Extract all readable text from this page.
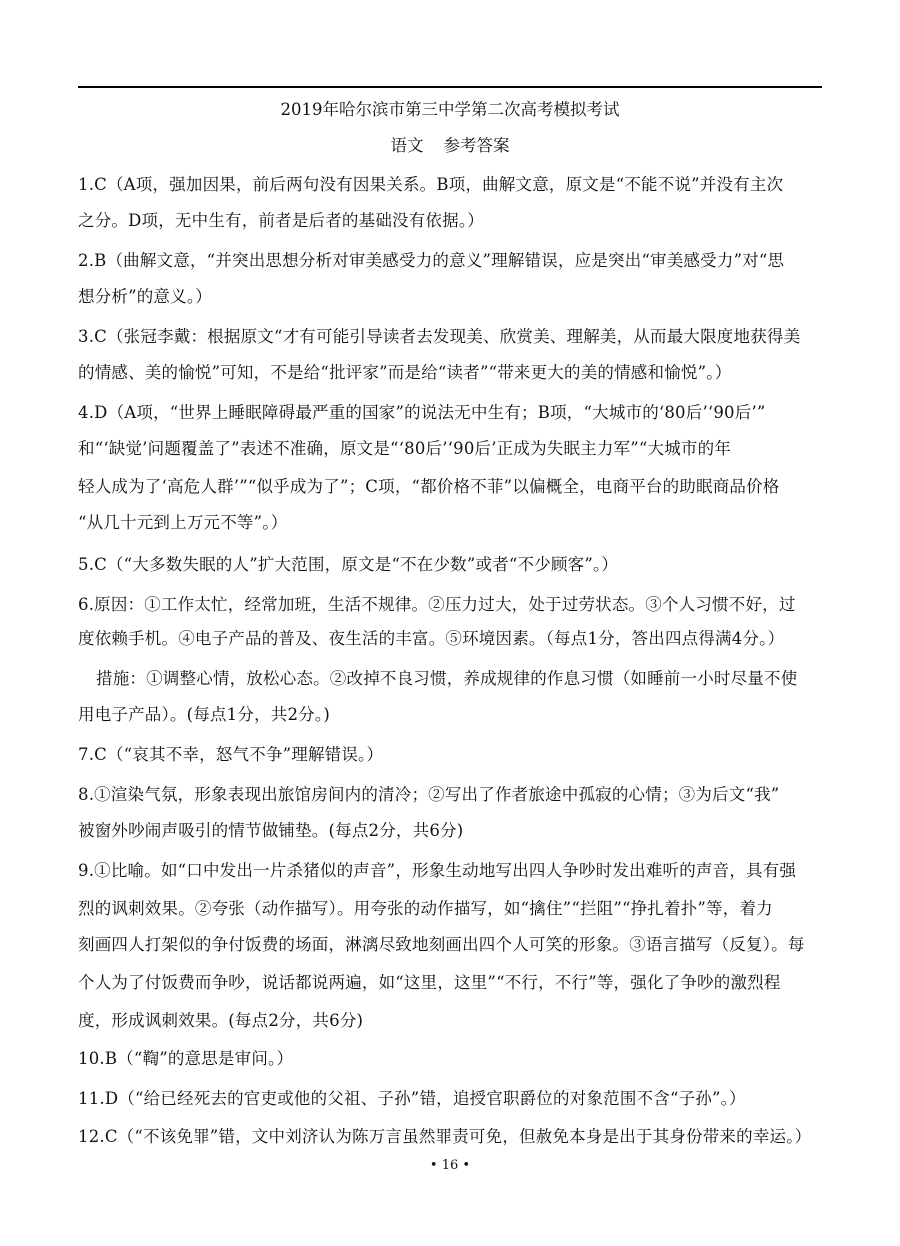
2019年哈尔滨市第三中学第二次高考模拟考试
语文 参考答案
1.C（A项，强加因果，前后两句没有因果关系。B项，曲解文意，原文是“不能不说”并没有主次
之分。D项，无中生有，前者是后者的基础没有依据。）
2.B（曲解文意，“并突出思想分析对审美感受力的意义”理解错误，应是突出“审美感受力”对“思
想分析”的意义。）
3.C（张冠李戴：根据原文“才有可能引导读者去发现美、欣赏美、理解美，从而最大限度地获得美
的情感、美的愉悦”可知，不是给“批评家”而是给“读者”“带来更大的美的情感和愉悦”。）
4.D（A项，“世界上睡眠障碍最严重的国家”的说法无中生有；B项，“大城市的‘80后’‘90后’”
和“‘缺觉’问题覆盖了”表述不准确，原文是“‘80后’‘90后’正成为失眠主力军”“大城市的年
轻人成为了‘高危人群’”“似乎成为了”；C项，“都价格不菲”以偏概全，电商平台的助眠商品价格
“从几十元到上万元不等”。）
5.C（“大多数失眠的人”扩大范围，原文是“不在少数”或者“不少顾客”。）
6.原因：①工作太忙，经常加班，生活不规律。②压力过大，处于过劳状态。③个人习惯不好，过
度依赖手机。④电子产品的普及、夜生活的丰富。⑤环境因素。（每点1分，答出四点得满4分。）
措施：①调整心情，放松心态。②改掉不良习惯，养成规律的作息习惯（如睡前一小时尽量不使
用电子产品）。(每点1分，共2分。)
7.C（“哀其不幸，怒气不争”理解错误。）
8.①渲染气氛，形象表现出旅馆房间内的清冷；②写出了作者旅途中孤寂的心情；③为后文“我”
被窗外吵闹声吸引的情节做铺垫。(每点2分，共6分)
9.①比喻。如“口中发出一片杀猪似的声音”，形象生动地写出四人争吵时发出难听的声音，具有强
烈的讽刺效果。②夸张（动作描写）。用夸张的动作描写，如“擒住”“拦阻”“挣扎着扑”等，着力
刻画四人打架似的争付饭费的场面，淋漓尽致地刻画出四个人可笑的形象。③语言描写（反复）。每
个人为了付饭费而争吵，说话都说两遍，如“这里，这里”“不行，不行”等，强化了争吵的激烈程
度，形成讽刺效果。(每点2分，共6分)
10.B（“鞫”的意思是审问。）
11.D（“给已经死去的官吏或他的父祖、子孙”错，追授官职爵位的对象范围不含“子孙”。）
12.C（“不该免罪”错，文中刘济认为陈万言虽然罪责可免，但赦免本身是出于其身份带来的幸运。）
• 16 •
